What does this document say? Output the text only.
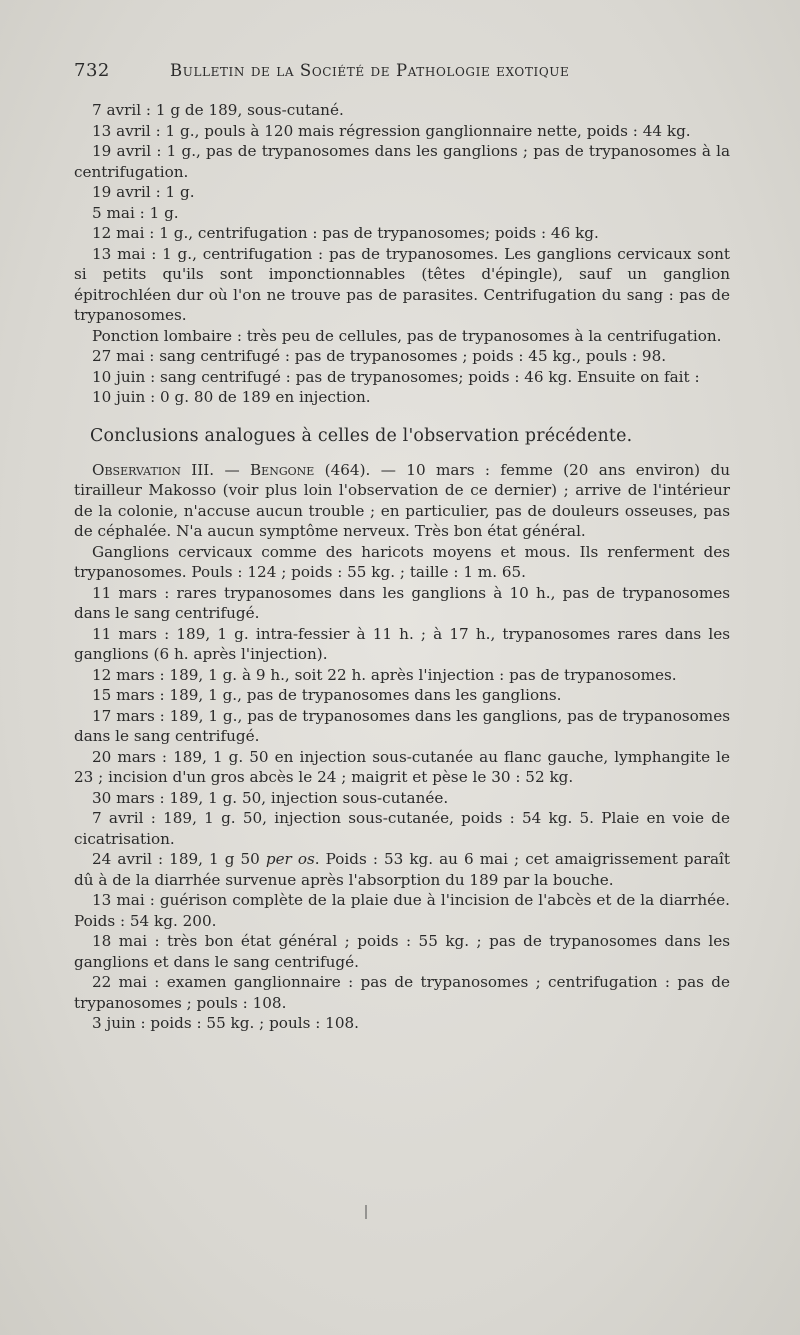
732	Bulletin de la Société de Pathologie exotique

7 avril : 1 g de 189, sous-cutané.

13 avril : 1 g., pouls à 120 mais régression ganglionnaire nette, poids : 44 kg.

19 avril : 1 g., pas de trypanosomes dans les ganglions ; pas de trypanosomes à la centrifugation.

19 avril : 1 g.

5 mai : 1 g.

12 mai : 1 g., centrifugation : pas de trypanosomes; poids : 46 kg.

13 mai : 1 g., centrifugation : pas de trypanosomes. Les ganglions cervicaux sont si petits qu'ils sont imponctionnables (têtes d'épingle), sauf un ganglion épitrochléen dur où l'on ne trouve pas de parasites. Centrifugation du sang : pas de trypanosomes.

Ponction lombaire : très peu de cellules, pas de trypanosomes à la centrifugation.

27 mai : sang centrifugé : pas de trypanosomes ; poids : 45 kg., pouls : 98.

10 juin : sang centrifugé : pas de trypanosomes; poids : 46 kg. Ensuite on fait :

10 juin : 0 g. 80 de 189 en injection.

Conclusions analogues à celles de l'observation précédente.

Observation III. — Bengone (464). — 10 mars : femme (20 ans environ) du tirailleur Makosso (voir plus loin l'observation de ce dernier) ; arrive de l'intérieur de la colonie, n'accuse aucun trouble ; en particulier, pas de douleurs osseuses, pas de céphalée. N'a aucun symptôme nerveux. Très bon état général.

Ganglions cervicaux comme des haricots moyens et mous. Ils renferment des trypanosomes. Pouls : 124 ; poids : 55 kg. ; taille : 1 m. 65.

11 mars : rares trypanosomes dans les ganglions à 10 h., pas de trypanosomes dans le sang centrifugé.

11 mars : 189, 1 g. intra-fessier à 11 h. ; à 17 h., trypanosomes rares dans les ganglions (6 h. après l'injection).

12 mars : 189, 1 g. à 9 h., soit 22 h. après l'injection : pas de trypanosomes.

15 mars : 189, 1 g., pas de trypanosomes dans les ganglions.

17 mars : 189, 1 g., pas de trypanosomes dans les ganglions, pas de trypanosomes dans le sang centrifugé.

20 mars : 189, 1 g. 50 en injection sous-cutanée au flanc gauche, lymphangite le 23 ; incision d'un gros abcès le 24 ; maigrit et pèse le 30 : 52 kg.

30 mars : 189, 1 g. 50, injection sous-cutanée.

7 avril : 189, 1 g. 50, injection sous-cutanée, poids : 54 kg. 5. Plaie en voie de cicatrisation.

24 avril : 189, 1 g 50 per os. Poids : 53 kg. au 6 mai ; cet amaigrissement paraît dû à de la diarrhée survenue après l'absorption du 189 par la bouche.

13 mai : guérison complète de la plaie due à l'incision de l'abcès et de la diarrhée. Poids : 54 kg. 200.

18 mai : très bon état général ; poids : 55 kg. ; pas de trypanosomes dans les ganglions et dans le sang centrifugé.

22 mai : examen ganglionnaire : pas de trypanosomes ; centrifugation : pas de trypanosomes ; pouls : 108.

3 juin : poids : 55 kg. ; pouls : 108.
